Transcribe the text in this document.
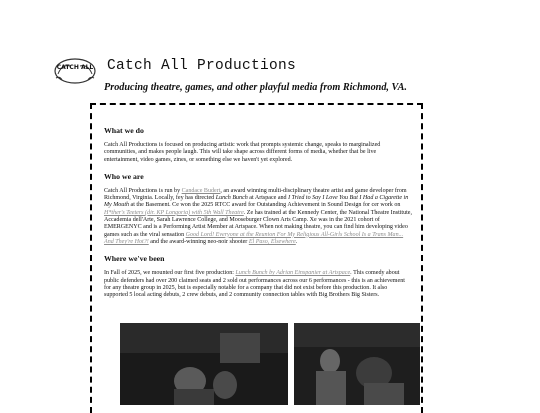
CATCH ALL Catch All Productions
Producing theatre, games, and other playful media from Richmond, VA.
What we do

Catch All Productions is focused on producing artistic work that prompts systemic change, speaks to marginalized communities, and makes people laugh. This will take shape across different forms of media, whether that be live entertainment, video games, zines, or something else we haven't yet explored.

Who we are

Catch All Productions is run by Candace Budert, an award winning multi-disciplinary theatre artist and game developer from Richmond, Virginia. Locally, fey has directed Lunch Bunch at Artspace and I Tried to Say I Love You But I Had a Cigarette in My Mouth at the Basement. Ce won the 2025 RTCC award for Outstanding Achievement in Sound Design for cer work on H*ther's Teeters (dir. KP Longoria) with 5th Wall Theatre. Ze has trained at the Kennedy Center, the National Theatre Institute, Accademia dell'Arte, Sarah Lawrence College, and Mooseburger Clown Arts Camp. Xe was in the 2021 cohort of EMERGENYC and is a Performing Artist Member at Artspace. When not making theatre, you can find him developing video games such as the viral sensation Good Lord! Everyone at the Reunion For My Religious All-Girls School Is a Trans Man... And They're Hot?! and the award-winning neo-noir shooter El Paso, Elsewhere.

Where we've been

In Fall of 2025, we mounted our first five production: Lunch Bunch by Adrian Einspanier at Artspace. This comedy about public defenders had over 200 claimed seats and 2 sold out performances across our 6 performances - this is an achievement for any theatre group in 2025, but is especially notable for a company that did not exist before this production. It also supported 5 local acting debuts, 2 crew debuts, and 2 community connection tables with Big Brothers Big Sisters.
